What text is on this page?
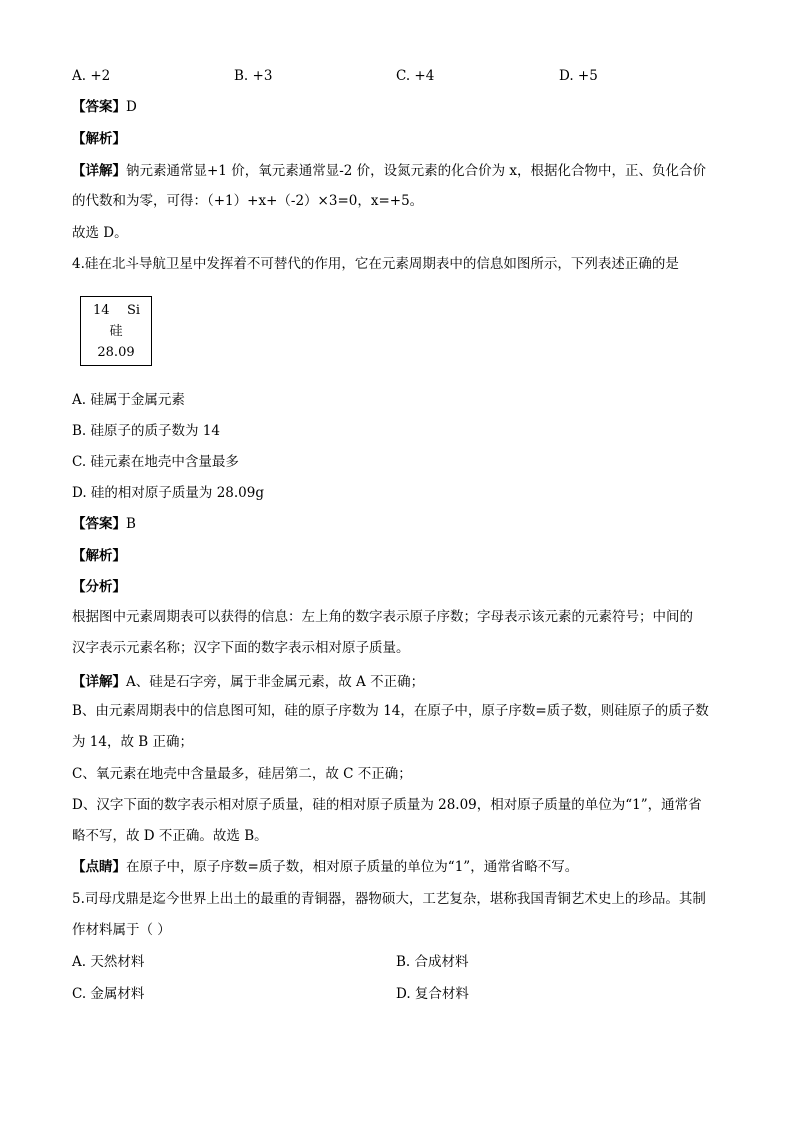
A. +2	B. +3	C. +4	D. +5
【答案】D
【解析】
【详解】钠元素通常显+1 价，氧元素通常显-2 价，设氮元素的化合价为 x，根据化合物中，正、负化合价
的代数和为零，可得：（+1）+x+（-2）×3=0，x=+5。
故选 D。
4.硅在北斗导航卫星中发挥着不可替代的作用，它在元素周期表中的信息如图所示，下列表述正确的是
14 Si
硅
28.09
A. 硅属于金属元素
B. 硅原子的质子数为 14
C. 硅元素在地壳中含量最多
D. 硅的相对原子质量为 28.09g
【答案】B
【解析】
【分析】
根据图中元素周期表可以获得的信息：左上角的数字表示原子序数；字母表示该元素的元素符号；中间的
汉字表示元素名称；汉字下面的数字表示相对原子质量。
【详解】A、硅是石字旁，属于非金属元素，故 A 不正确；
B、由元素周期表中的信息图可知，硅的原子序数为 14，在原子中，原子序数=质子数，则硅原子的质子数
为 14，故 B 正确；
C、氧元素在地壳中含量最多，硅居第二，故 C 不正确；
D、汉字下面的数字表示相对原子质量，硅的相对原子质量为 28.09，相对原子质量的单位为“1”，通常省
略不写，故 D 不正确。故选 B。
【点睛】在原子中，原子序数=质子数，相对原子质量的单位为“1”，通常省略不写。
5.司母戊鼎是迄今世界上出土的最重的青铜器，器物硕大，工艺复杂，堪称我国青铜艺术史上的珍品。其制
作材料属于（ ）
A. 天然材料	B. 合成材料
C. 金属材料	D. 复合材料
